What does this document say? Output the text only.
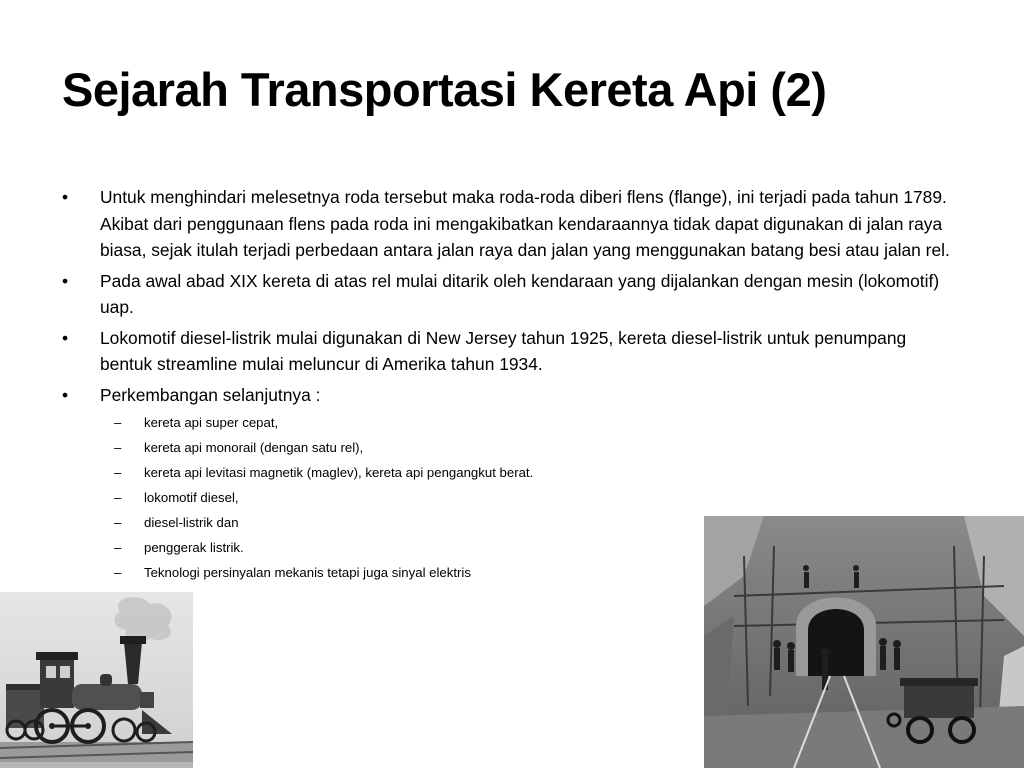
Sejarah Transportasi Kereta Api (2)
•	Untuk menghindari melesetnya roda tersebut maka roda-roda diberi flens (flange), ini terjadi pada tahun 1789. Akibat dari penggunaan flens pada roda ini mengakibatkan kendaraannya tidak dapat digunakan di jalan raya biasa, sejak itulah terjadi perbedaan antara jalan raya dan jalan yang menggunakan batang besi atau jalan rel.
•	Pada awal abad XIX kereta di atas rel mulai ditarik oleh kendaraan yang dijalankan dengan mesin (lokomotif) uap.
•	Lokomotif diesel-listrik mulai digunakan di New Jersey tahun 1925, kereta diesel-listrik untuk penumpang bentuk streamline mulai meluncur di Amerika tahun 1934.
•	Perkembangan selanjutnya :
– kereta api super cepat,
– kereta api monorail (dengan satu rel),
– kereta api levitasi magnetik (maglev), kereta api pengangkut berat.
– lokomotif diesel,
– diesel-listrik dan
– penggerak listrik.
– Teknologi persinyalan mekanis tetapi juga sinyal elektris
